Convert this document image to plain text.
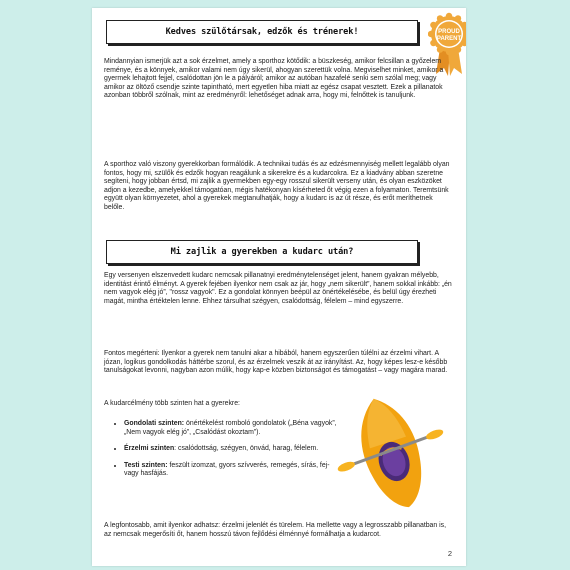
PROUD
PARENT
Kedves szülőtársak, edzők és trénerek!

Mindannyian ismerjük azt a sok érzelmet, amely a sporthoz kötődik: a büszkeség, amikor felcsillan a győzelem reménye, és a könnyek, amikor valami nem úgy sikerül, ahogyan szerettük volna. Megviselhet minket, amikor a gyermek lehajtott fejjel, csalódottan jön le a pályáról; amikor az autóban hazafelé senki sem szólal meg; vagy amikor az öltöző csendje szinte tapintható, mert egyetlen hiba miatt az egész csapat vesztett. Ezek a pillanatok azonban többről szólnak, mint az eredményről: lehetőséget adnak arra, hogy mi, felnőttek is tanuljunk.

A sporthoz való viszony gyerekkorban formálódik. A technikai tudás és az edzésmennyiség mellett legalább olyan fontos, hogy mi, szülők és edzők hogyan reagálunk a sikerekre és a kudarcokra. Ez a kiadvány abban szeretne segíteni, hogy jobban értsd, mi zajlik a gyermekben egy-egy rosszul sikerült verseny után, és olyan eszközöket adjon a kezedbe, amelyekkel támogatóan, mégis hatékonyan kísérheted őt végig ezen a folyamaton. Teremtsünk együtt olyan környezetet, ahol a gyerekek megtanulhatják, hogy a kudarc is az út része, és erőt meríthetnek belőle.

Mi zajlik a gyerekben a kudarc után?

Egy versenyen elszenvedett kudarc nemcsak pillanatnyi eredménytelenséget jelent, hanem gyakran mélyebb, identitást érintő élményt. A gyerek fejében ilyenkor nem csak az jár, hogy „nem sikerült”, hanem sokkal inkább: „én nem vagyok elég jó”, "rossz vagyok". Ez a gondolat könnyen beépül az önértékelésébe, és belül úgy érezheti magát, mintha értéktelen lenne. Ehhez társulhat szégyen, csalódottság, félelem – mind egyszerre.

Fontos megérteni: Ilyenkor a gyerek nem tanulni akar a hibából, hanem egyszerűen túlélni az érzelmi vihart. A józan, logikus gondolkodás háttérbe szorul, és az érzelmek veszik át az irányítást. Az, hogy képes lesz-e később tanulságokat levonni, nagyban azon múlik, hogy kap-e közben biztonságot és támogatást – vagy magára marad.

A kudarcélmény több szinten hat a gyerekre:

• Gondolati szinten: önértékelést romboló gondolatok („Béna vagyok”, „Nem vagyok elég jó”, „Csalódást okoztam”).
• Érzelmi szinten: csalódottság, szégyen, önvád, harag, félelem.
• Testi szinten: feszült izomzat, gyors szívverés, remegés, sírás, fej- vagy hasfájás.

A legfontosabb, amit ilyenkor adhatsz: érzelmi jelenlét és türelem. Ha mellette vagy a legrosszabb pillanatban is, az nemcsak megerősíti őt, hanem hosszú távon fejlődési élménnyé formálhatja a kudarcot.

2
